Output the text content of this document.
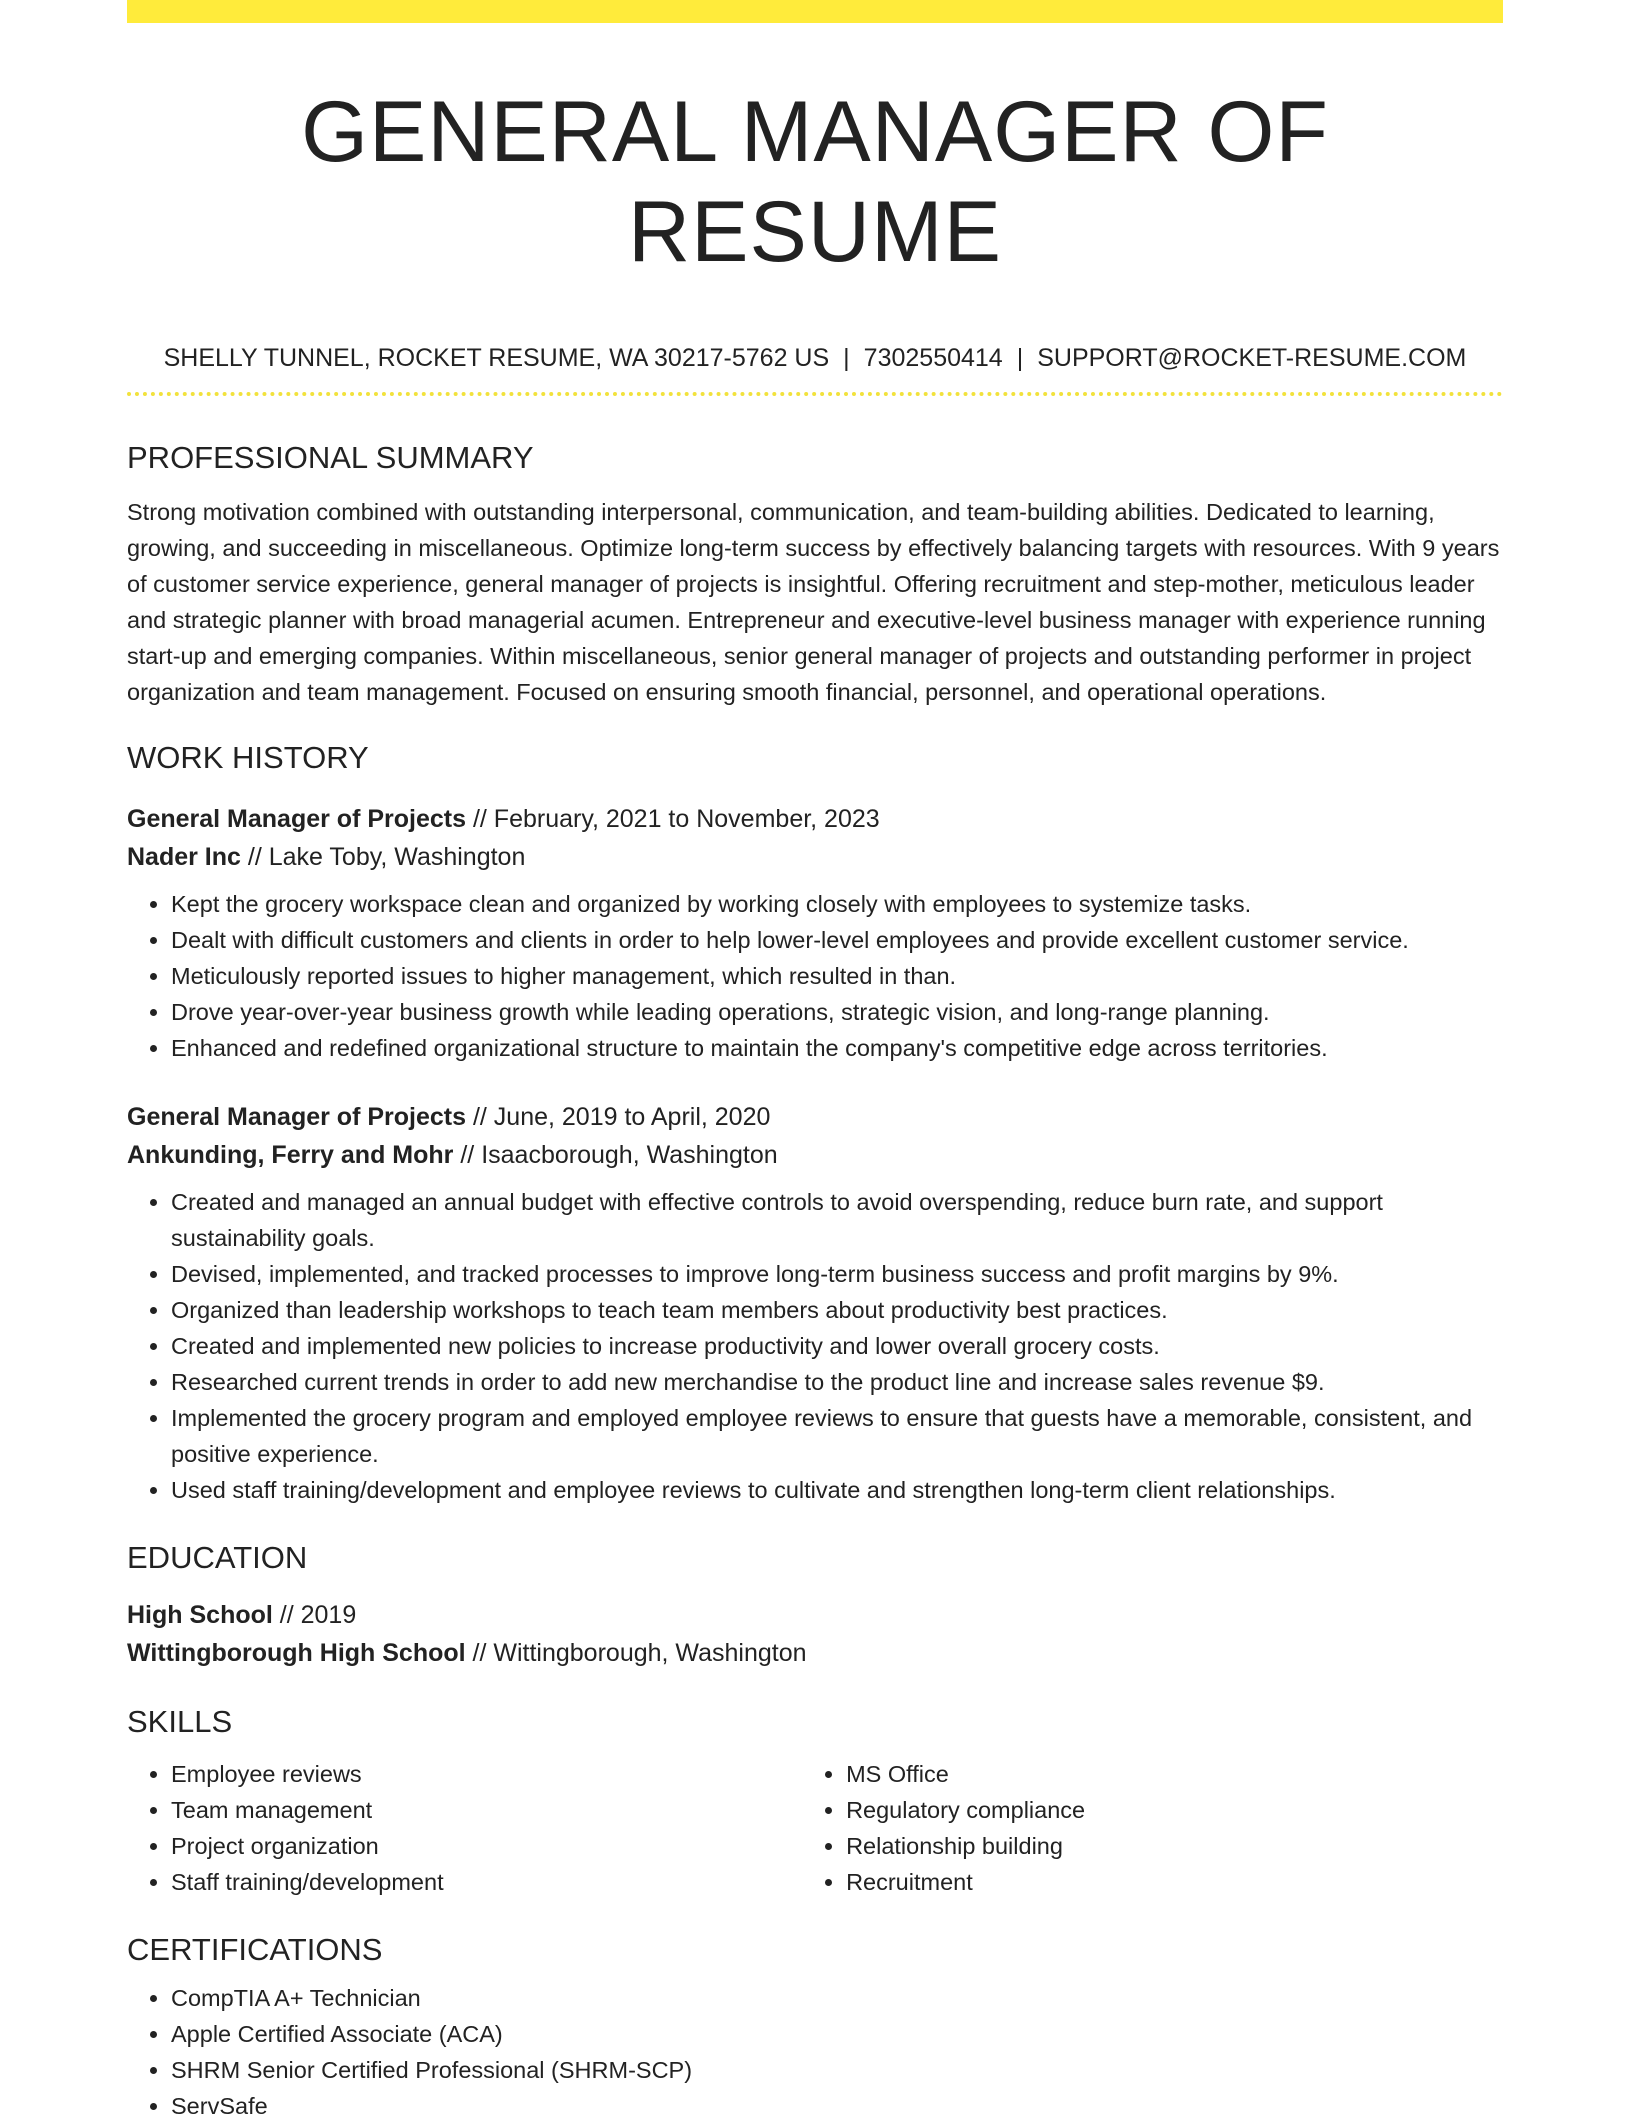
GENERAL MANAGER OF RESUME
SHELLY TUNNEL, ROCKET RESUME, WA 30217-5762 US | 7302550414 | SUPPORT@ROCKET-RESUME.COM
PROFESSIONAL SUMMARY
Strong motivation combined with outstanding interpersonal, communication, and team-building abilities. Dedicated to learning, growing, and succeeding in miscellaneous. Optimize long-term success by effectively balancing targets with resources. With 9 years of customer service experience, general manager of projects is insightful. Offering recruitment and step-mother, meticulous leader and strategic planner with broad managerial acumen. Entrepreneur and executive-level business manager with experience running start-up and emerging companies. Within miscellaneous, senior general manager of projects and outstanding performer in project organization and team management. Focused on ensuring smooth financial, personnel, and operational operations.
WORK HISTORY
General Manager of Projects // February, 2021 to November, 2023
Nader Inc // Lake Toby, Washington
• Kept the grocery workspace clean and organized by working closely with employees to systemize tasks.
• Dealt with difficult customers and clients in order to help lower-level employees and provide excellent customer service.
• Meticulously reported issues to higher management, which resulted in than.
• Drove year-over-year business growth while leading operations, strategic vision, and long-range planning.
• Enhanced and redefined organizational structure to maintain the company's competitive edge across territories.
General Manager of Projects // June, 2019 to April, 2020
Ankunding, Ferry and Mohr // Isaacborough, Washington
• Created and managed an annual budget with effective controls to avoid overspending, reduce burn rate, and support sustainability goals.
• Devised, implemented, and tracked processes to improve long-term business success and profit margins by 9%.
• Organized than leadership workshops to teach team members about productivity best practices.
• Created and implemented new policies to increase productivity and lower overall grocery costs.
• Researched current trends in order to add new merchandise to the product line and increase sales revenue $9.
• Implemented the grocery program and employed employee reviews to ensure that guests have a memorable, consistent, and positive experience.
• Used staff training/development and employee reviews to cultivate and strengthen long-term client relationships.
EDUCATION
High School // 2019
Wittingborough High School // Wittingborough, Washington
SKILLS
• Employee reviews
• Team management
• Project organization
• Staff training/development
• MS Office
• Regulatory compliance
• Relationship building
• Recruitment
CERTIFICATIONS
• CompTIA A+ Technician
• Apple Certified Associate (ACA)
• SHRM Senior Certified Professional (SHRM-SCP)
• ServSafe
